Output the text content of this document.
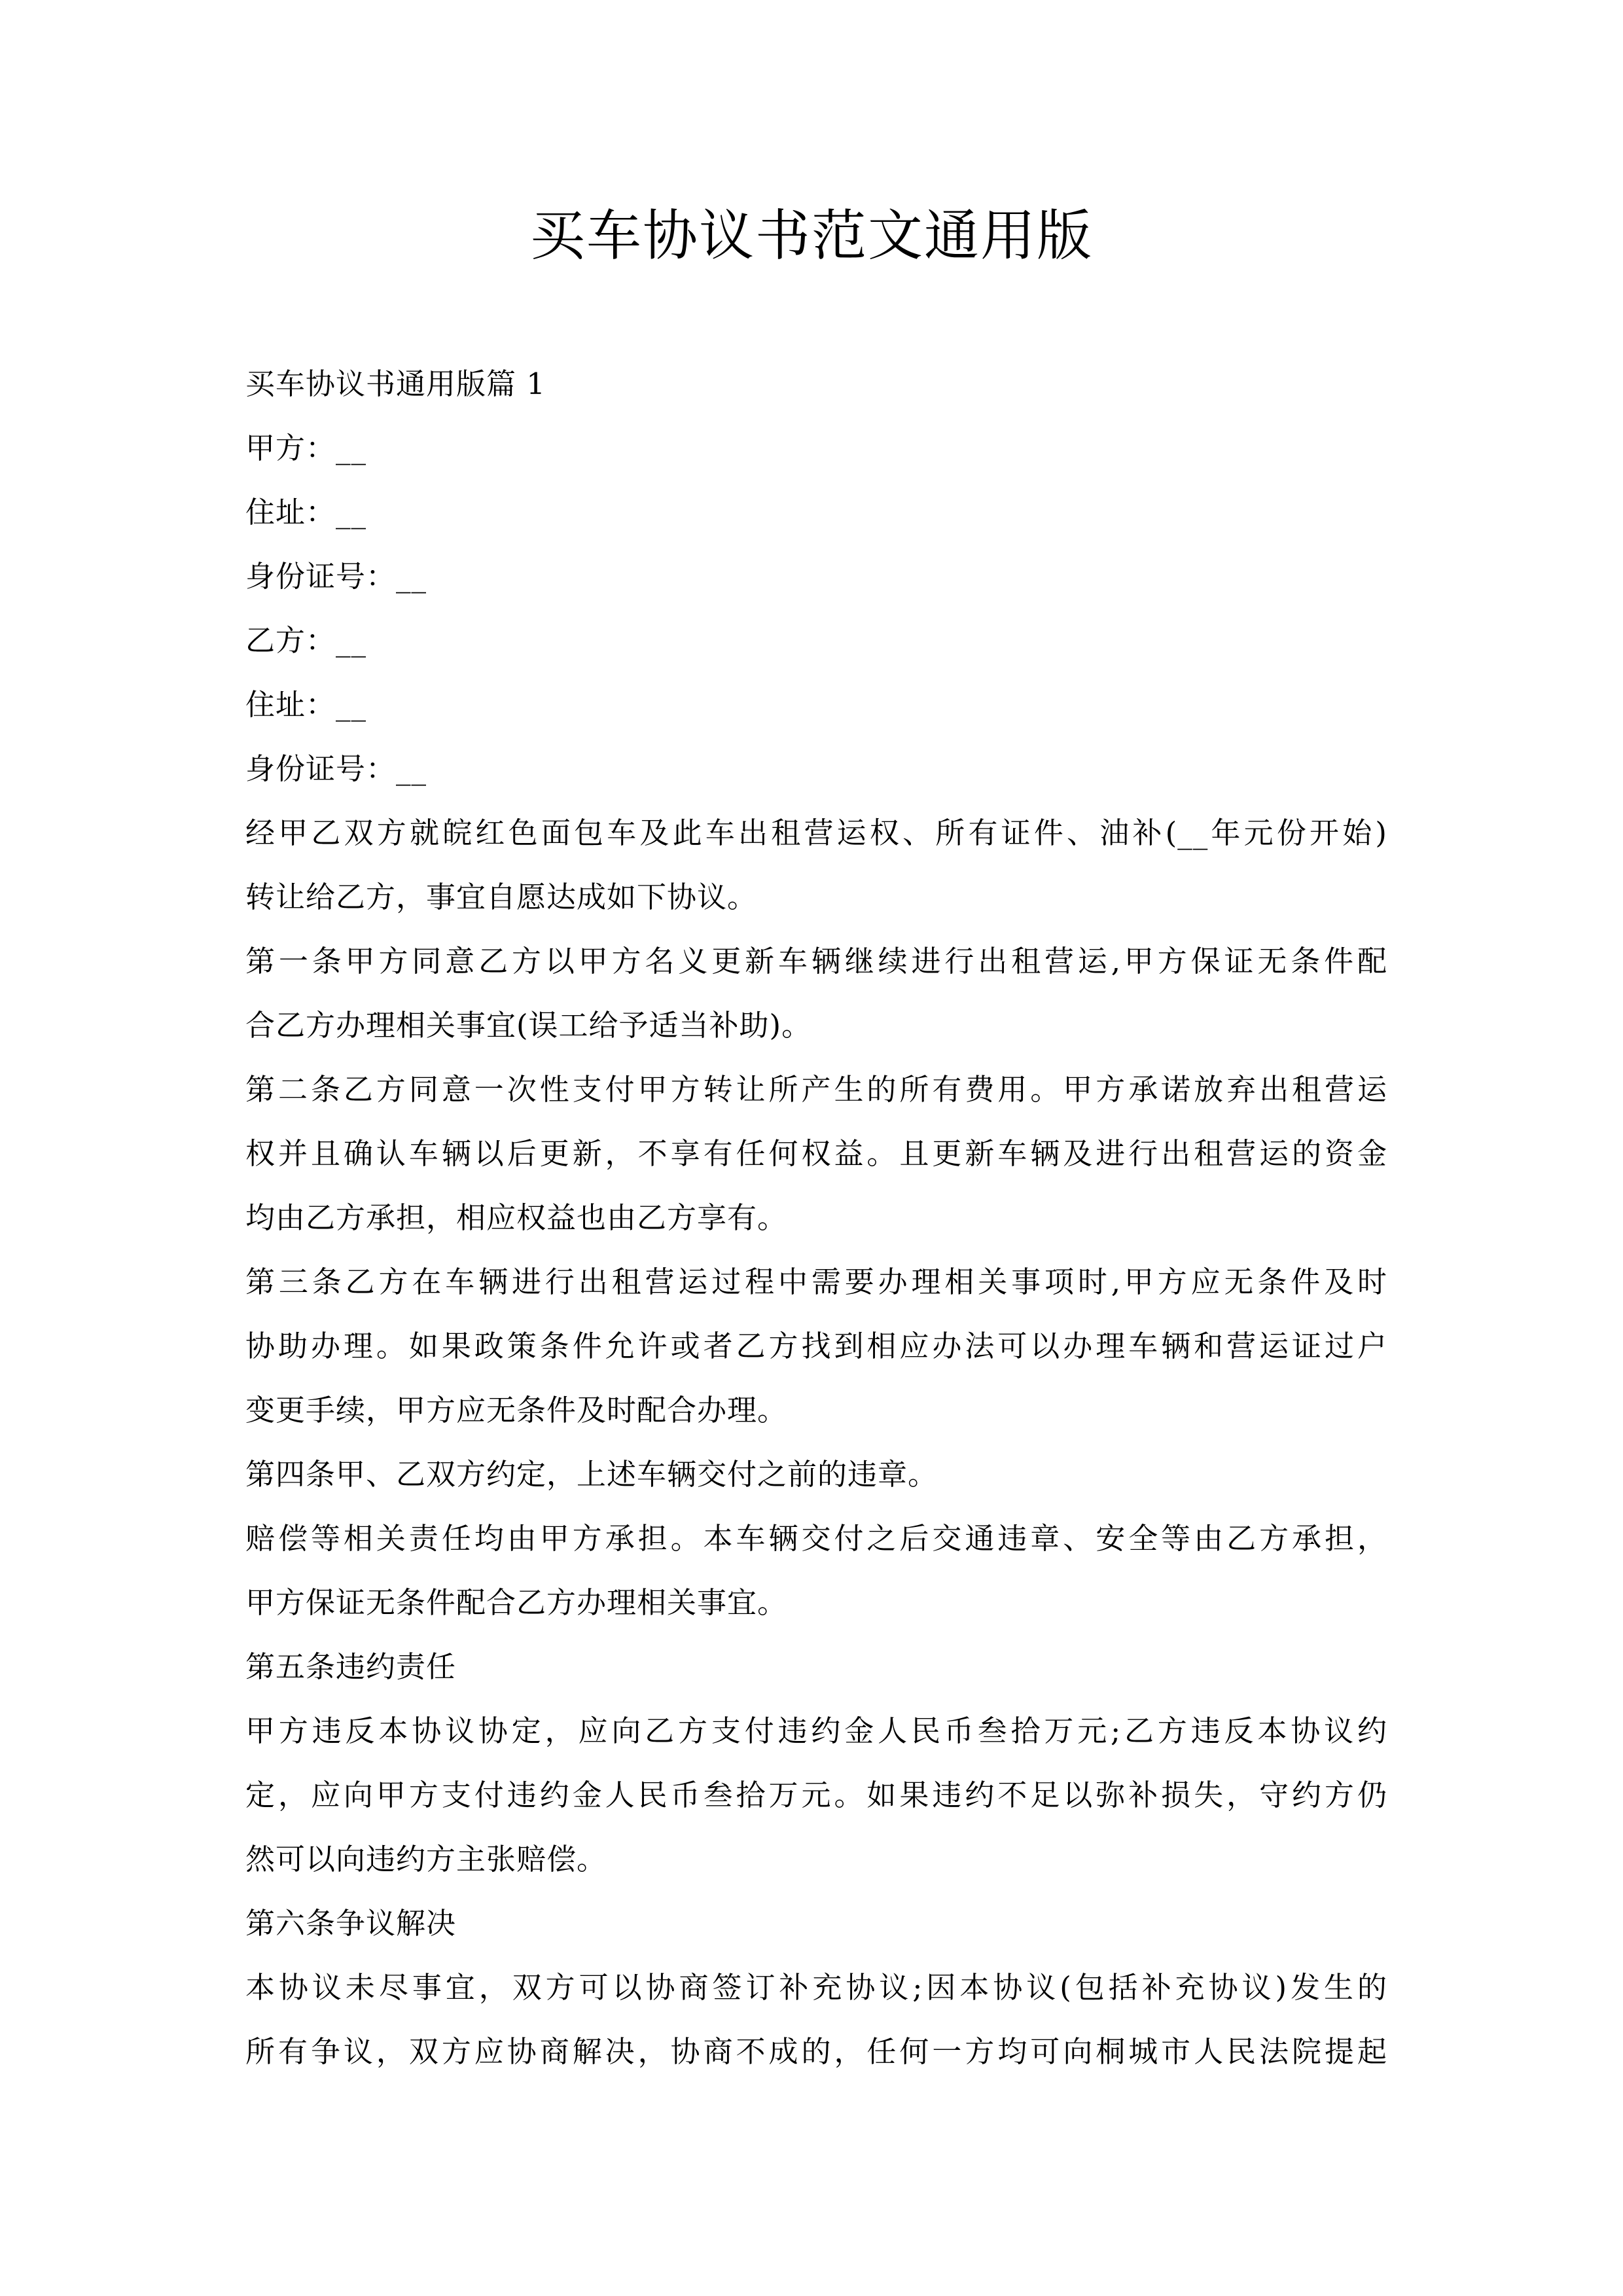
买车协议书范文通用版

买车协议书通用版篇 1

甲方：__

住址：__

身份证号：__

乙方：__

住址：__

身份证号：__

经甲乙双方就皖红色面包车及此车出租营运权、所有证件、油补(__年元份开始)

转让给乙方，事宜自愿达成如下协议。

第一条甲方同意乙方以甲方名义更新车辆继续进行出租营运,甲方保证无条件配

合乙方办理相关事宜(误工给予适当补助)。

第二条乙方同意一次性支付甲方转让所产生的所有费用。甲方承诺放弃出租营运

权并且确认车辆以后更新，不享有任何权益。且更新车辆及进行出租营运的资金

均由乙方承担，相应权益也由乙方享有。

第三条乙方在车辆进行出租营运过程中需要办理相关事项时,甲方应无条件及时

协助办理。如果政策条件允许或者乙方找到相应办法可以办理车辆和营运证过户

变更手续，甲方应无条件及时配合办理。

第四条甲、乙双方约定，上述车辆交付之前的违章。

赔偿等相关责任均由甲方承担。本车辆交付之后交通违章、安全等由乙方承担，

甲方保证无条件配合乙方办理相关事宜。

第五条违约责任

甲方违反本协议协定，应向乙方支付违约金人民币叁拾万元;乙方违反本协议约

定，应向甲方支付违约金人民币叁拾万元。如果违约不足以弥补损失，守约方仍

然可以向违约方主张赔偿。

第六条争议解决

本协议未尽事宜，双方可以协商签订补充协议;因本协议(包括补充协议)发生的

所有争议，双方应协商解决，协商不成的，任何一方均可向桐城市人民法院提起
